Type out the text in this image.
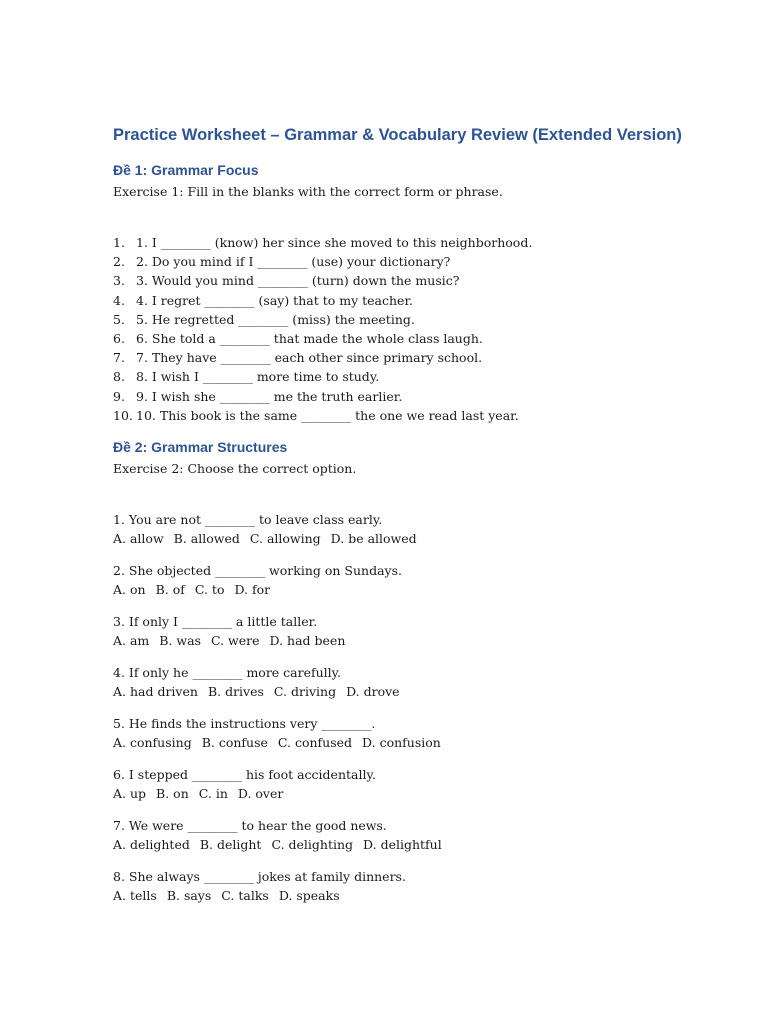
Practice Worksheet – Grammar & Vocabulary Review (Extended Version)
Đề 1: Grammar Focus

Exercise 1: Fill in the blanks with the correct form or phrase.

1. 1. I ________ (know) her since she moved to this neighborhood.
2. 2. Do you mind if I ________ (use) your dictionary?
3. 3. Would you mind ________ (turn) down the music?
4. 4. I regret ________ (say) that to my teacher.
5. 5. He regretted ________ (miss) the meeting.
6. 6. She told a ________ that made the whole class laugh.
7. 7. They have ________ each other since primary school.
8. 8. I wish I ________ more time to study.
9. 9. I wish she ________ me the truth earlier.
10. 10. This book is the same ________ the one we read last year.
Đề 2: Grammar Structures

Exercise 2: Choose the correct option.

1. You are not ________ to leave class early.
A. allow B. allowed C. allowing D. be allowed
2. She objected ________ working on Sundays.
A. on B. of C. to D. for
3. If only I ________ a little taller.
A. am B. was C. were D. had been
4. If only he ________ more carefully.
A. had driven B. drives C. driving D. drove
5. He finds the instructions very ________.
A. confusing B. confuse C. confused D. confusion
6. I stepped ________ his foot accidentally.
A. up B. on C. in D. over
7. We were ________ to hear the good news.
A. delighted B. delight C. delighting D. delightful
8. She always ________ jokes at family dinners.
A. tells B. says C. talks D. speaks
